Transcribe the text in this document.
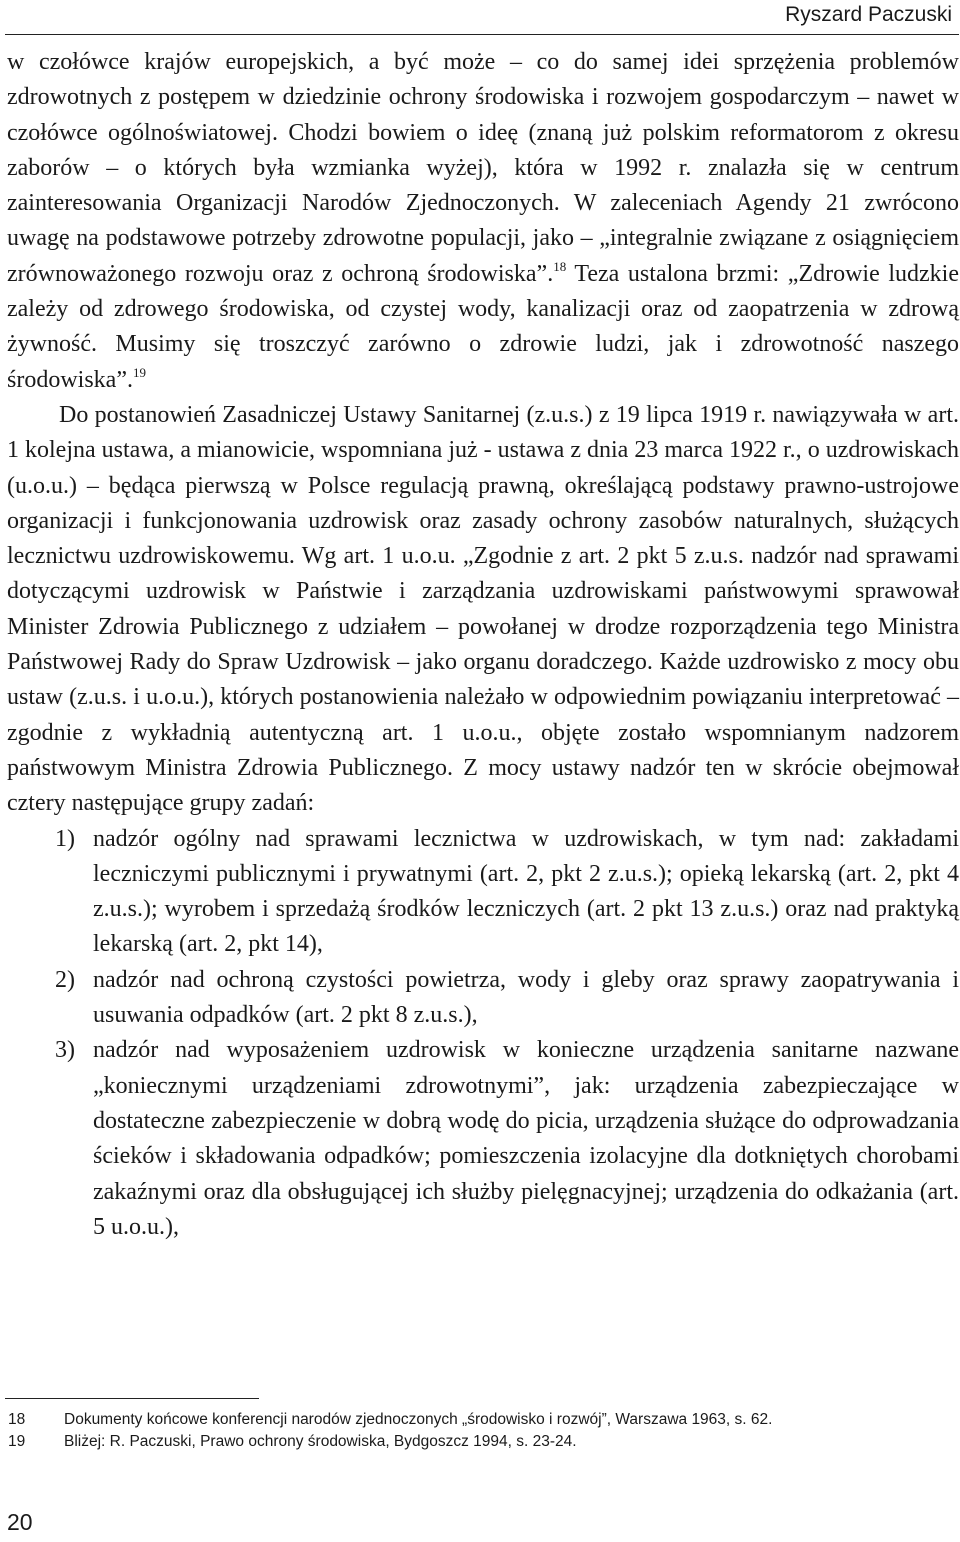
Ryszard Paczuski

w czołówce krajów europejskich, a być może – co do samej idei sprzężenia problemów zdrowotnych z postępem w dziedzinie ochrony środowiska i rozwojem gospodarczym – nawet w czołówce ogólnoświatowej. Chodzi bowiem o ideę (znaną już polskim reformatorom z okresu zaborów – o których była wzmianka wyżej), która w 1992 r. znalazła się w centrum zainteresowania Organizacji Narodów Zjednoczonych. W zaleceniach Agendy 21 zwrócono uwagę na podstawowe potrzeby zdrowotne populacji, jako – „integralnie związane z osiągnięciem zrównoważonego rozwoju oraz z ochroną środowiska”.$^{18}$ Teza ustalona brzmi: „Zdrowie ludzkie zależy od zdrowego środowiska, od czystej wody, kanalizacji oraz od zaopatrzenia w zdrową żywność. Musimy się troszczyć zarówno o zdrowie ludzi, jak i zdrowotność naszego środowiska”.$^{19}$

Do postanowień Zasadniczej Ustawy Sanitarnej (z.u.s.) z 19 lipca 1919 r. nawiązywała w art. 1 kolejna ustawa, a mianowicie, wspomniana już - ustawa z dnia 23 marca 1922 r., o uzdrowiskach (u.o.u.) – będąca pierwszą w Polsce regulacją prawną, określającą podstawy prawno-ustrojowe organizacji i funkcjonowania uzdrowisk oraz zasady ochrony zasobów naturalnych, służących lecznictwu uzdrowiskowemu. Wg art. 1 u.o.u. „Zgodnie z art. 2 pkt 5 z.u.s. nadzór nad sprawami dotyczącymi uzdrowisk w Państwie i zarządzania uzdrowiskami państwowymi sprawował Minister Zdrowia Publicznego z udziałem – powołanej w drodze rozporządzenia tego Ministra Państwowej Rady do Spraw Uzdrowisk – jako organu doradczego. Każde uzdrowisko z mocy obu ustaw (z.u.s. i u.o.u.), których postanowienia należało w odpowiednim powiązaniu interpretować – zgodnie z wykładnią autentyczną art. 1 u.o.u., objęte zostało wspomnianym nadzorem państwowym Ministra Zdrowia Publicznego. Z mocy ustawy nadzór ten w skrócie obejmował cztery następujące grupy zadań:

1) nadzór ogólny nad sprawami lecznictwa w uzdrowiskach, w tym nad: zakładami leczniczymi publicznymi i prywatnymi (art. 2, pkt 2 z.u.s.); opieką lekarską (art. 2, pkt 4 z.u.s.); wyrobem i sprzedażą środków leczniczych (art. 2 pkt 13 z.u.s.) oraz nad praktyką lekarską (art. 2, pkt 14),
2) nadzór nad ochroną czystości powietrza, wody i gleby oraz sprawy zaopatrywania i usuwania odpadków (art. 2 pkt 8 z.u.s.),
3) nadzór nad wyposażeniem uzdrowisk w konieczne urządzenia sanitarne nazwane „koniecznymi urządzeniami zdrowotnymi”, jak: urządzenia zabezpieczające w dostateczne zabezpieczenie w dobrą wodę do picia, urządzenia służące do odprowadzania ścieków i składowania odpadków; pomieszczenia izolacyjne dla dotkniętych chorobami zakaźnymi oraz dla obsługującej ich służby pielęgnacyjnej; urządzenia do odkażania (art. 5 u.o.u.),
18	Dokumenty końcowe konferencji narodów zjednoczonych „środowisko i rozwój”, Warszawa 1963, s. 62.
19	Bliżej: R. Paczuski, Prawo ochrony środowiska, Bydgoszcz 1994, s. 23-24.
20
